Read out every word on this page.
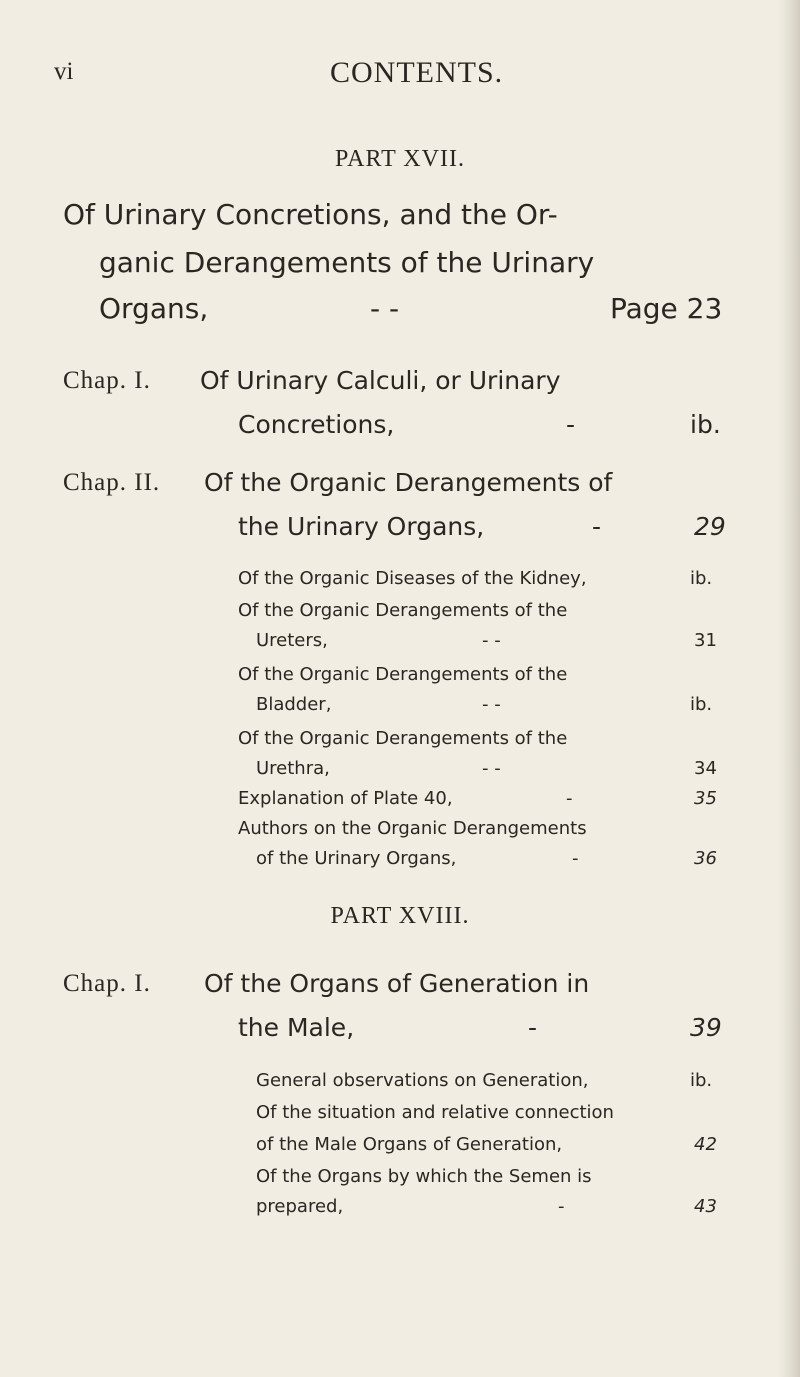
vi	CONTENTS.
PART XVII.
Of Urinary Concretions, and the Or-
ganic Derangements of the Urinary
Organs,	- -	Page 23
Chap. I. Of Urinary Calculi, or Urinary
Concretions,	-	ib.
Chap. II. Of the Organic Derangements of
the Urinary Organs,	-	29
Of the Organic Diseases of the Kidney,	ib.
Of the Organic Derangements of the
Ureters,	- -	31
Of the Organic Derangements of the
Bladder,	- -	ib.
Of the Organic Derangements of the
Urethra,	- -	34
Explanation of Plate 40,	-	35
Authors on the Organic Derangements
of the Urinary Organs,	-	36
PART XVIII.
Chap. I. Of the Organs of Generation in
the Male,	-	39
General observations on Generation,	ib.
Of the situation and relative connection
of the Male Organs of Generation,	42
Of the Organs by which the Semen is
prepared,	-	43
